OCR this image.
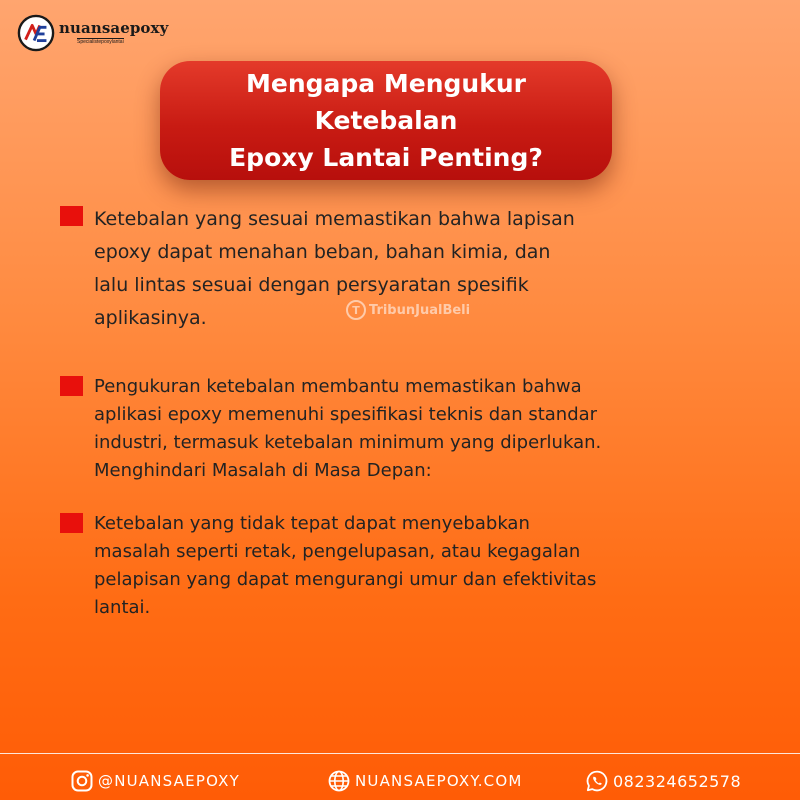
nuansaepoxy
Specialistepoxylantai
Mengapa Mengukur Ketebalan
Epoxy Lantai Penting?

Ketebalan yang sesuai memastikan bahwa lapisan
epoxy dapat menahan beban, bahan kimia, dan
lalu lintas sesuai dengan persyaratan spesifik
aplikasinya.

Pengukuran ketebalan membantu memastikan bahwa
aplikasi epoxy memenuhi spesifikasi teknis dan standar
industri, termasuk ketebalan minimum yang diperlukan.
Menghindari Masalah di Masa Depan:

Ketebalan yang tidak tepat dapat menyebabkan
masalah seperti retak, pengelupasan, atau kegagalan
pelapisan yang dapat mengurangi umur dan efektivitas
lantai.

T TribunJualBeli
@NUANSAEPOXY	NUANSAEPOXY.COM	082324652578
